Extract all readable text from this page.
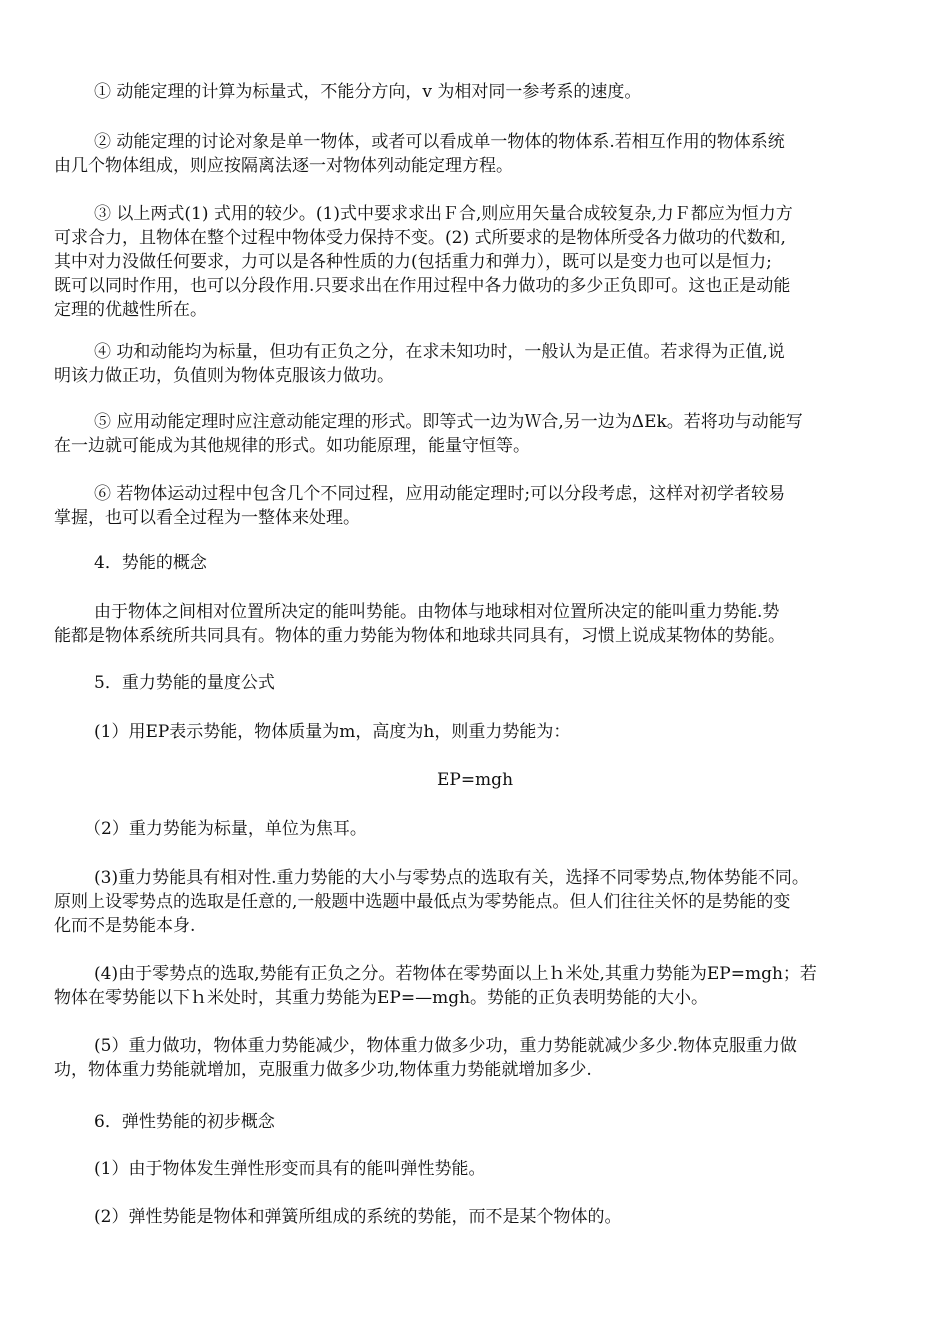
① 动能定理的计算为标量式，不能分方向，v 为相对同一参考系的速度。

② 动能定理的讨论对象是单一物体，或者可以看成单一物体的物体系.若相互作用的物体系统
由几个物体组成，则应按隔离法逐一对物体列动能定理方程。

③ 以上两式(1) 式用的较少。(1)式中要求求出Ｆ合,则应用矢量合成较复杂,力Ｆ都应为恒力方
可求合力，且物体在整个过程中物体受力保持不变。(2) 式所要求的是物体所受各力做功的代数和,
其中对力没做任何要求，力可以是各种性质的力(包括重力和弹力），既可以是变力也可以是恒力;
既可以同时作用，也可以分段作用.只要求出在作用过程中各力做功的多少正负即可。这也正是动能
定理的优越性所在。

④ 功和动能均为标量，但功有正负之分，在求未知功时，一般认为是正值。若求得为正值,说
明该力做正功，负值则为物体克服该力做功。

⑤ 应用动能定理时应注意动能定理的形式。即等式一边为Ｗ合,另一边为ΔEk。若将功与动能写
在一边就可能成为其他规律的形式。如功能原理，能量守恒等。

⑥ 若物体运动过程中包含几个不同过程，应用动能定理时;可以分段考虑，这样对初学者较易
掌握，也可以看全过程为一整体来处理。

4．势能的概念

由于物体之间相对位置所决定的能叫势能。由物体与地球相对位置所决定的能叫重力势能.势
能都是物体系统所共同具有。物体的重力势能为物体和地球共同具有，习惯上说成某物体的势能。

5．重力势能的量度公式

(1）用EP表示势能，物体质量为m，高度为h，则重力势能为：

EP=mgh

（2）重力势能为标量，单位为焦耳。

(3)重力势能具有相对性.重力势能的大小与零势点的选取有关，选择不同零势点,物体势能不同。
原则上设零势点的选取是任意的,一般题中选题中最低点为零势能点。但人们往往关怀的是势能的变
化而不是势能本身.

(4)由于零势点的选取,势能有正负之分。若物体在零势面以上ｈ米处,其重力势能为EP=mgh；若
物体在零势能以下ｈ米处时，其重力势能为EP=—mgh。势能的正负表明势能的大小。

(5）重力做功，物体重力势能减少，物体重力做多少功，重力势能就减少多少.物体克服重力做
功，物体重力势能就增加，克服重力做多少功,物体重力势能就增加多少.

6．弹性势能的初步概念

(1）由于物体发生弹性形变而具有的能叫弹性势能。

(2）弹性势能是物体和弹簧所组成的系统的势能，而不是某个物体的。
